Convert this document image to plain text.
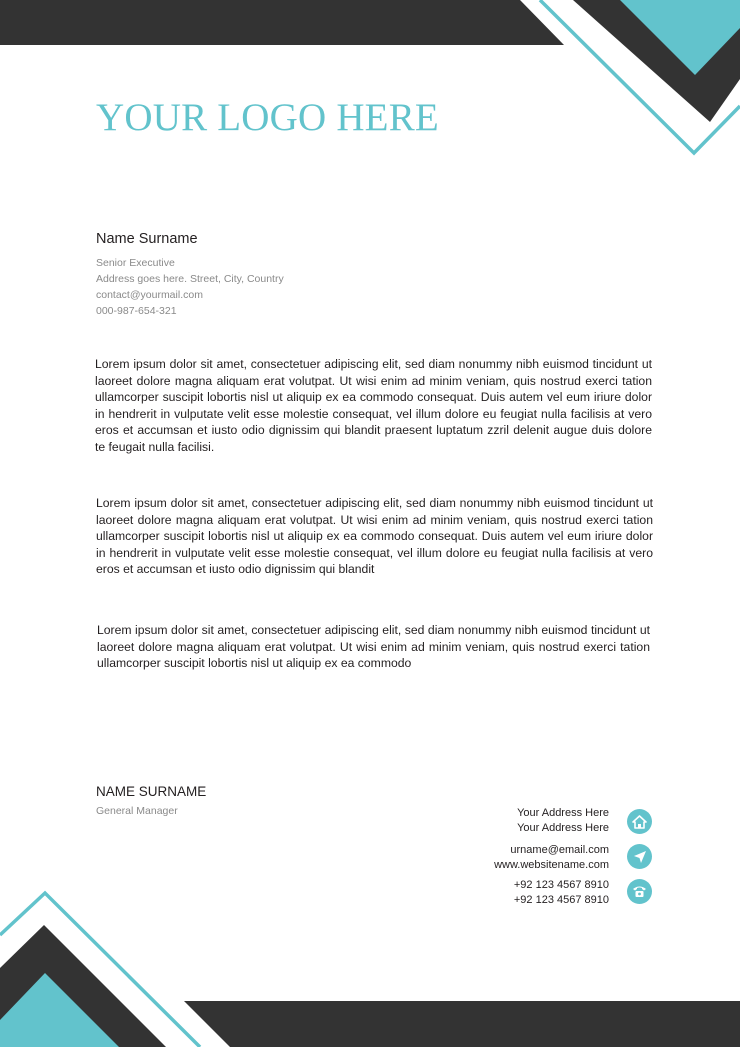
YOUR LOGO HERE
Name Surname
Senior Executive
Address goes here. Street, City, Country
contact@yourmail.com
000-987-654-321
Lorem ipsum dolor sit amet, consectetuer adipiscing elit, sed diam nonummy nibh euismod tincidunt ut laoreet dolore magna aliquam erat volutpat. Ut wisi enim ad minim veniam, quis nostrud exerci tation ullamcorper suscipit lobortis nisl ut aliquip ex ea commodo consequat. Duis autem vel eum iriure dolor in hendrerit in vulputate velit esse molestie consequat, vel illum dolore eu feugiat nulla facilisis at vero eros et accumsan et iusto odio dignissim qui blandit praesent luptatum zzril delenit augue duis dolore te feugait nulla facilisi.
Lorem ipsum dolor sit amet, consectetuer adipiscing elit, sed diam nonummy nibh euismod tincidunt ut laoreet dolore magna aliquam erat volutpat. Ut wisi enim ad minim veniam, quis nostrud exerci tation ullamcorper suscipit lobortis nisl ut aliquip ex ea commodo consequat. Duis autem vel eum iriure dolor in hendrerit in vulputate velit esse molestie consequat, vel illum dolore eu feugiat nulla facilisis at vero eros et accumsan et iusto odio dignissim qui blandit
Lorem ipsum dolor sit amet, consectetuer adipiscing elit, sed diam nonummy nibh euismod tincidunt ut laoreet dolore magna aliquam erat volutpat. Ut wisi enim ad minim veniam, quis nostrud exerci tation ullamcorper suscipit lobortis nisl ut aliquip ex ea commodo
NAME SURNAME
General Manager	Your Address Here
Your Address Here
urname@email.com
www.websitename.com
+92 123 4567 8910
+92 123 4567 8910
